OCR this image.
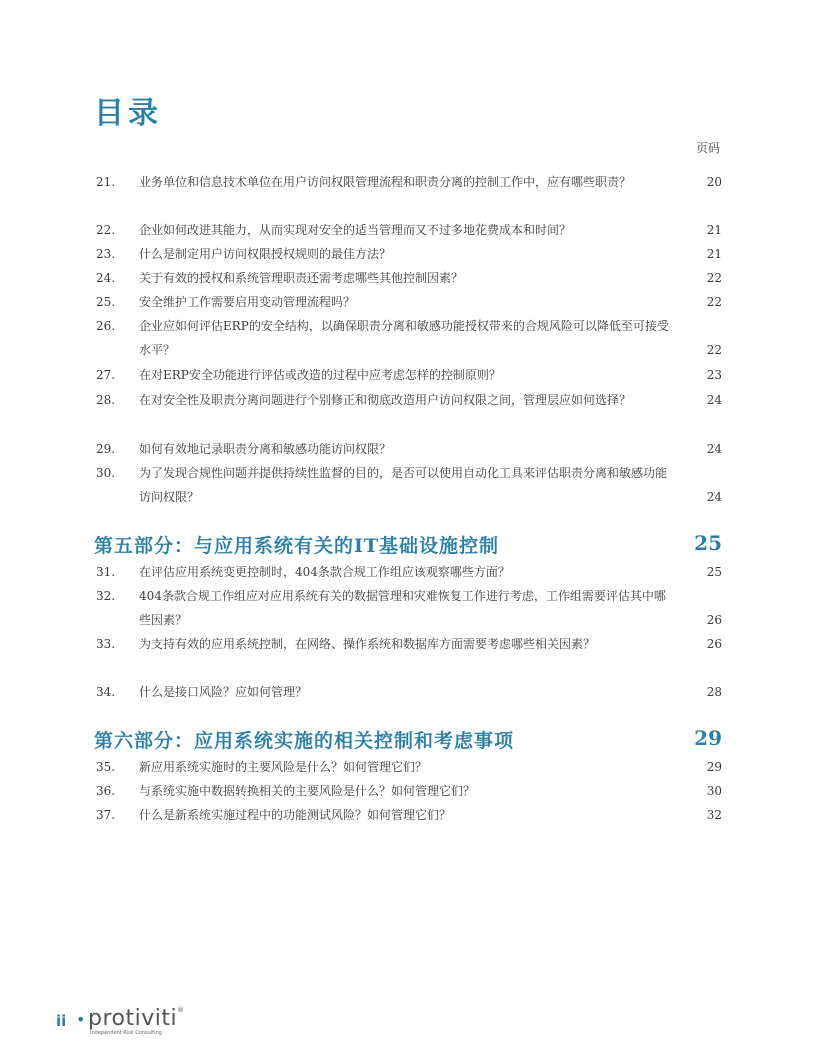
目录
页码
21.	业务单位和信息技术单位在用户访问权限管理流程和职责分离的控制工作中，应有哪些职责？	20
22.	企业如何改进其能力，从而实现对安全的适当管理而又不过多地花费成本和时间？	21
23.	什么是制定用户访问权限授权规则的最佳方法？	21
24.	关于有效的授权和系统管理职责还需考虑哪些其他控制因素？	22
25.	安全维护工作需要启用变动管理流程吗？	22
26.	企业应如何评估ERP的安全结构，以确保职责分离和敏感功能授权带来的合规风险可以降低至可接受水平？	22
27.	在对ERP安全功能进行评估或改造的过程中应考虑怎样的控制原则？	23
28.	在对安全性及职责分离问题进行个别修正和彻底改造用户访问权限之间，管理层应如何选择？	24
29.	如何有效地记录职责分离和敏感功能访问权限？	24
30.	为了发现合规性问题并提供持续性监督的目的，是否可以使用自动化工具来评估职责分离和敏感功能访问权限？	24
第五部分：与应用系统有关的IT基础设施控制	25
31.	在评估应用系统变更控制时，404条款合规工作组应该观察哪些方面？	25
32.	404条款合规工作组应对应用系统有关的数据管理和灾难恢复工作进行考虑，工作组需要评估其中哪些因素？	26
33.	为支持有效的应用系统控制，在网络、操作系统和数据库方面需要考虑哪些相关因素？	26
34.	什么是接口风险？应如何管理？	28
第六部分：应用系统实施的相关控制和考虑事项	29
35.	新应用系统实施时的主要风险是什么？如何管理它们？	29
36.	与系统实施中数据转换相关的主要风险是什么？如何管理它们？	30
37.	什么是新系统实施过程中的功能测试风险？如何管理它们？	32
ii • protiviti®
Independent Risk Consulting
